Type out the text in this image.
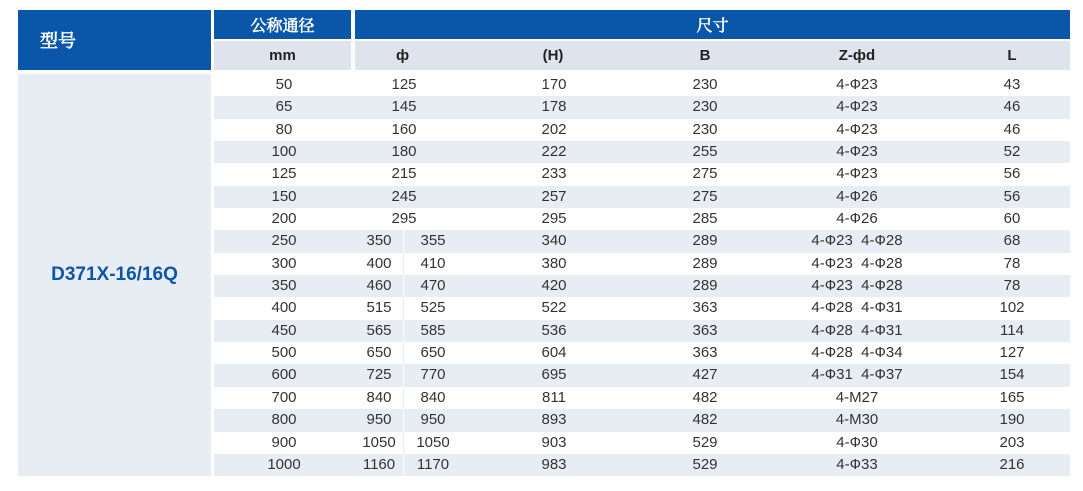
型号
公称通径	尺寸
mm	ф	(H)	B	Z-фd	L
D371X-16/16Q
50	125	170	230	4-Ф23	43
65	145	178	230	4-Ф23	46
80	160	202	230	4-Ф23	46
100	180	222	255	4-Ф23	52
125	215	233	275	4-Ф23	56
150	245	257	275	4-Ф26	56
200	295	295	285	4-Ф26	60
250	350	355	340	289	4-Ф23  4-Ф28	68
300	400	410	380	289	4-Ф23  4-Ф28	78
350	460	470	420	289	4-Ф23  4-Ф28	78
400	515	525	522	363	4-Ф28  4-Ф31	102
450	565	585	536	363	4-Ф28  4-Ф31	114
500	650	650	604	363	4-Ф28  4-Ф34	127
600	725	770	695	427	4-Ф31  4-Ф37	154
700	840	840	811	482	4-M27	165
800	950	950	893	482	4-M30	190
900	1050	1050	903	529	4-Ф30	203
1000	1160	1170	983	529	4-Ф33	216
